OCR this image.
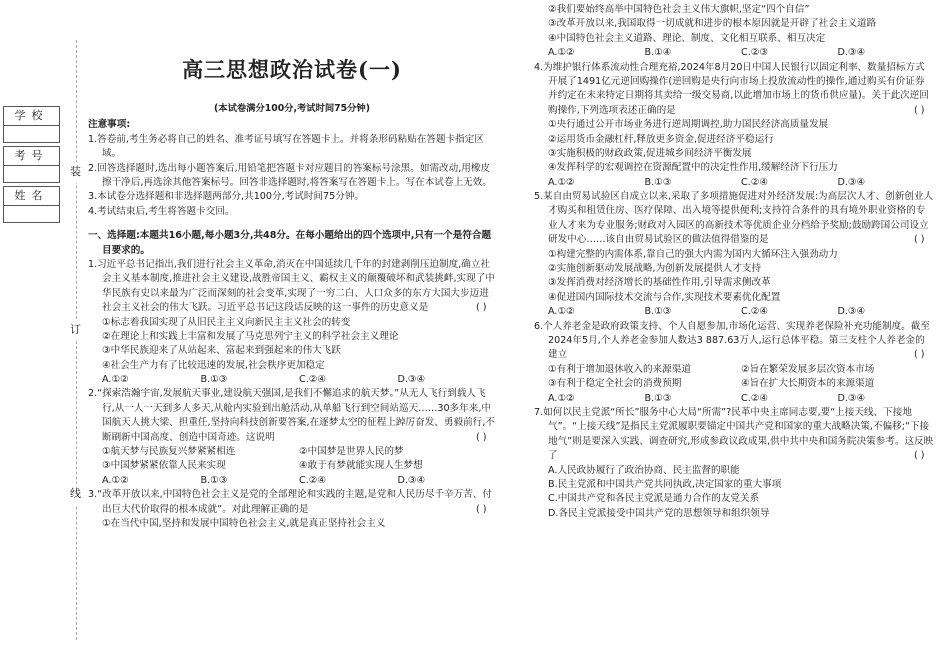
学校
考号
姓名
装
订
线
高三思想政治试卷(一)
(本试卷满分100分,考试时间75分钟)
注意事项:

1.答卷前,考生务必将自己的姓名、准考证号填写在答题卡上。并将条形码粘贴在答题卡指定区域。

2.回答选择题时,选出每小题答案后,用铅笔把答题卡对应题目的答案标号涂黑。如需改动,用橡皮擦干净后,再选涂其他答案标号。回答非选择题时,将答案写在答题卡上。写在本试卷上无效。

3.本试卷分选择题和非选择题两部分,共100分,考试时间75分钟。

4.考试结束后,考生将答题卡交回。

一、选择题:本题共16小题,每小题3分,共48分。在每小题给出的四个选项中,只有一个是符合题目要求的。

1.习近平总书记指出,我们进行社会主义革命,消灭在中国延续几千年的封建剥削压迫制度,确立社会主义基本制度,推进社会主义建设,战胜帝国主义、霸权主义的颠覆破坏和武装挑衅,实现了中华民族有史以来最为广泛而深刻的社会变革,实现了一穷二白、人口众多的东方大国大步迈进社会主义社会的伟大飞跃。习近平总书记这段话反映的这一事件的历史意义是	( )

①标志着我国实现了从旧民主主义向新民主主义社会的转变
②在理论上和实践上丰富和发展了马克思列宁主义的科学社会主义理论
③中华民族迎来了从站起来、富起来到强起来的伟大飞跃
④社会生产力有了比较迅速的发展,社会秩序更加稳定
A.①②	B.①③	C.②④	D.③④

2.“探索浩瀚宇宙,发展航天事业,建设航天强国,是我们不懈追求的航天梦。”从无人飞行到载人飞行,从一人一天到多人多天,从舱内实验到出舱活动,从单船飞行到空间站巡天……30多年来,中国航天人挑大梁、担重任,坚持向科技创新要答案,在逐梦太空的征程上踔厉奋发、勇毅前行,不断刷新中国高度、创造中国奇迹。这说明	( )

①航天梦与民族复兴梦紧紧相连	②中国梦是世界人民的梦
③中国梦紧紧依靠人民来实现	④敢于有梦就能实现人生梦想
A.①②	B.①③	C.②④	D.③④

3.“改革开放以来,中国特色社会主义是党的全部理论和实践的主题,是党和人民历尽千辛万苦、付出巨大代价取得的根本成就”。对此理解正确的是	( )

①在当代中国,坚持和发展中国特色社会主义,就是真正坚持社会主义
②我们要始终高举中国特色社会主义伟大旗帜,坚定“四个自信”
③改革开放以来,我国取得一切成就和进步的根本原因就是开辟了社会主义道路
④中国特色社会主义道路、理论、制度、文化相互联系、相互决定
A.①②	B.①④	C.②③	D.③④

4.为维护银行体系流动性合理充裕,2024年8月20日中国人民银行以固定利率、数量招标方式开展了1491亿元逆回购操作(逆回购是央行向市场上投放流动性的操作,通过购买有价证券并约定在未来特定日期将其卖给一级交易商,以此增加市场上的货币供应量)。关于此次逆回购操作,下列选项表述正确的是	( )

①央行通过公开市场业务进行逆周期调控,助力国民经济高质量发展
②运用货币金融杠杆,释放更多资金,促进经济平稳运行
③实施积极的财政政策,促进城乡间经济平衡发展
④发挥科学的宏观调控在资源配置中的决定性作用,缓解经济下行压力
A.①②	B.①③	C.②④	D.③④

5.某自由贸易试验区自成立以来,采取了多项措施促进对外经济发展:为高层次人才、创新创业人才购买和租赁住房、医疗保障、出入境等提供便利;支持符合条件的具有境外职业资格的专业人才来为专业服务;财政对入园区的高新技术等优质企业分档给予奖励;鼓励跨国公司设立研发中心……该自由贸易试验区的做法值得借鉴的是	( )

①构建完整的内需体系,靠自己的强大内需为国内大循环注入强劲动力
②实施创新驱动发展战略,为创新发展提供人才支持
③发挥消费对经济增长的基础性作用,引导需求侧改革
④促进国内国际技术交流与合作,实现技术要素优化配置
A.①②	B.①③	C.②④	D.③④

6.个人养老金是政府政策支持、个人自愿参加,市场化运营、实现养老保险补充功能制度。截至2024年5月,个人养老金参加人数达3 887.63万人,运行总体平稳。第三支柱个人养老金的建立	( )

①有利于增加退休收入的来源渠道	②旨在繁荣发展多层次资本市场
③有利于稳定全社会的消费预期	④旨在扩大长期资本的来源渠道
A.①②	B.①③	C.②④	D.③④

7.如何以民主党派“所长”服务中心大局“所需”?民革中央主席同志要,要“上接天线、下接地气”。“上接天线”是指民主党派履职要锚定中国共产党和国家的重大战略决策,不偏移;“下接地气”则是要深入实践、调查研究,形成参政议政成果,供中共中央和国务院决策参考。这反映了	( )

A.人民政协履行了政治协商、民主监督的职能
B.民主党派和中国共产党共同执政,决定国家的重大事项
C.中国共产党和各民主党派是通力合作的友党关系
D.各民主党派接受中国共产党的思想领导和组织领导
